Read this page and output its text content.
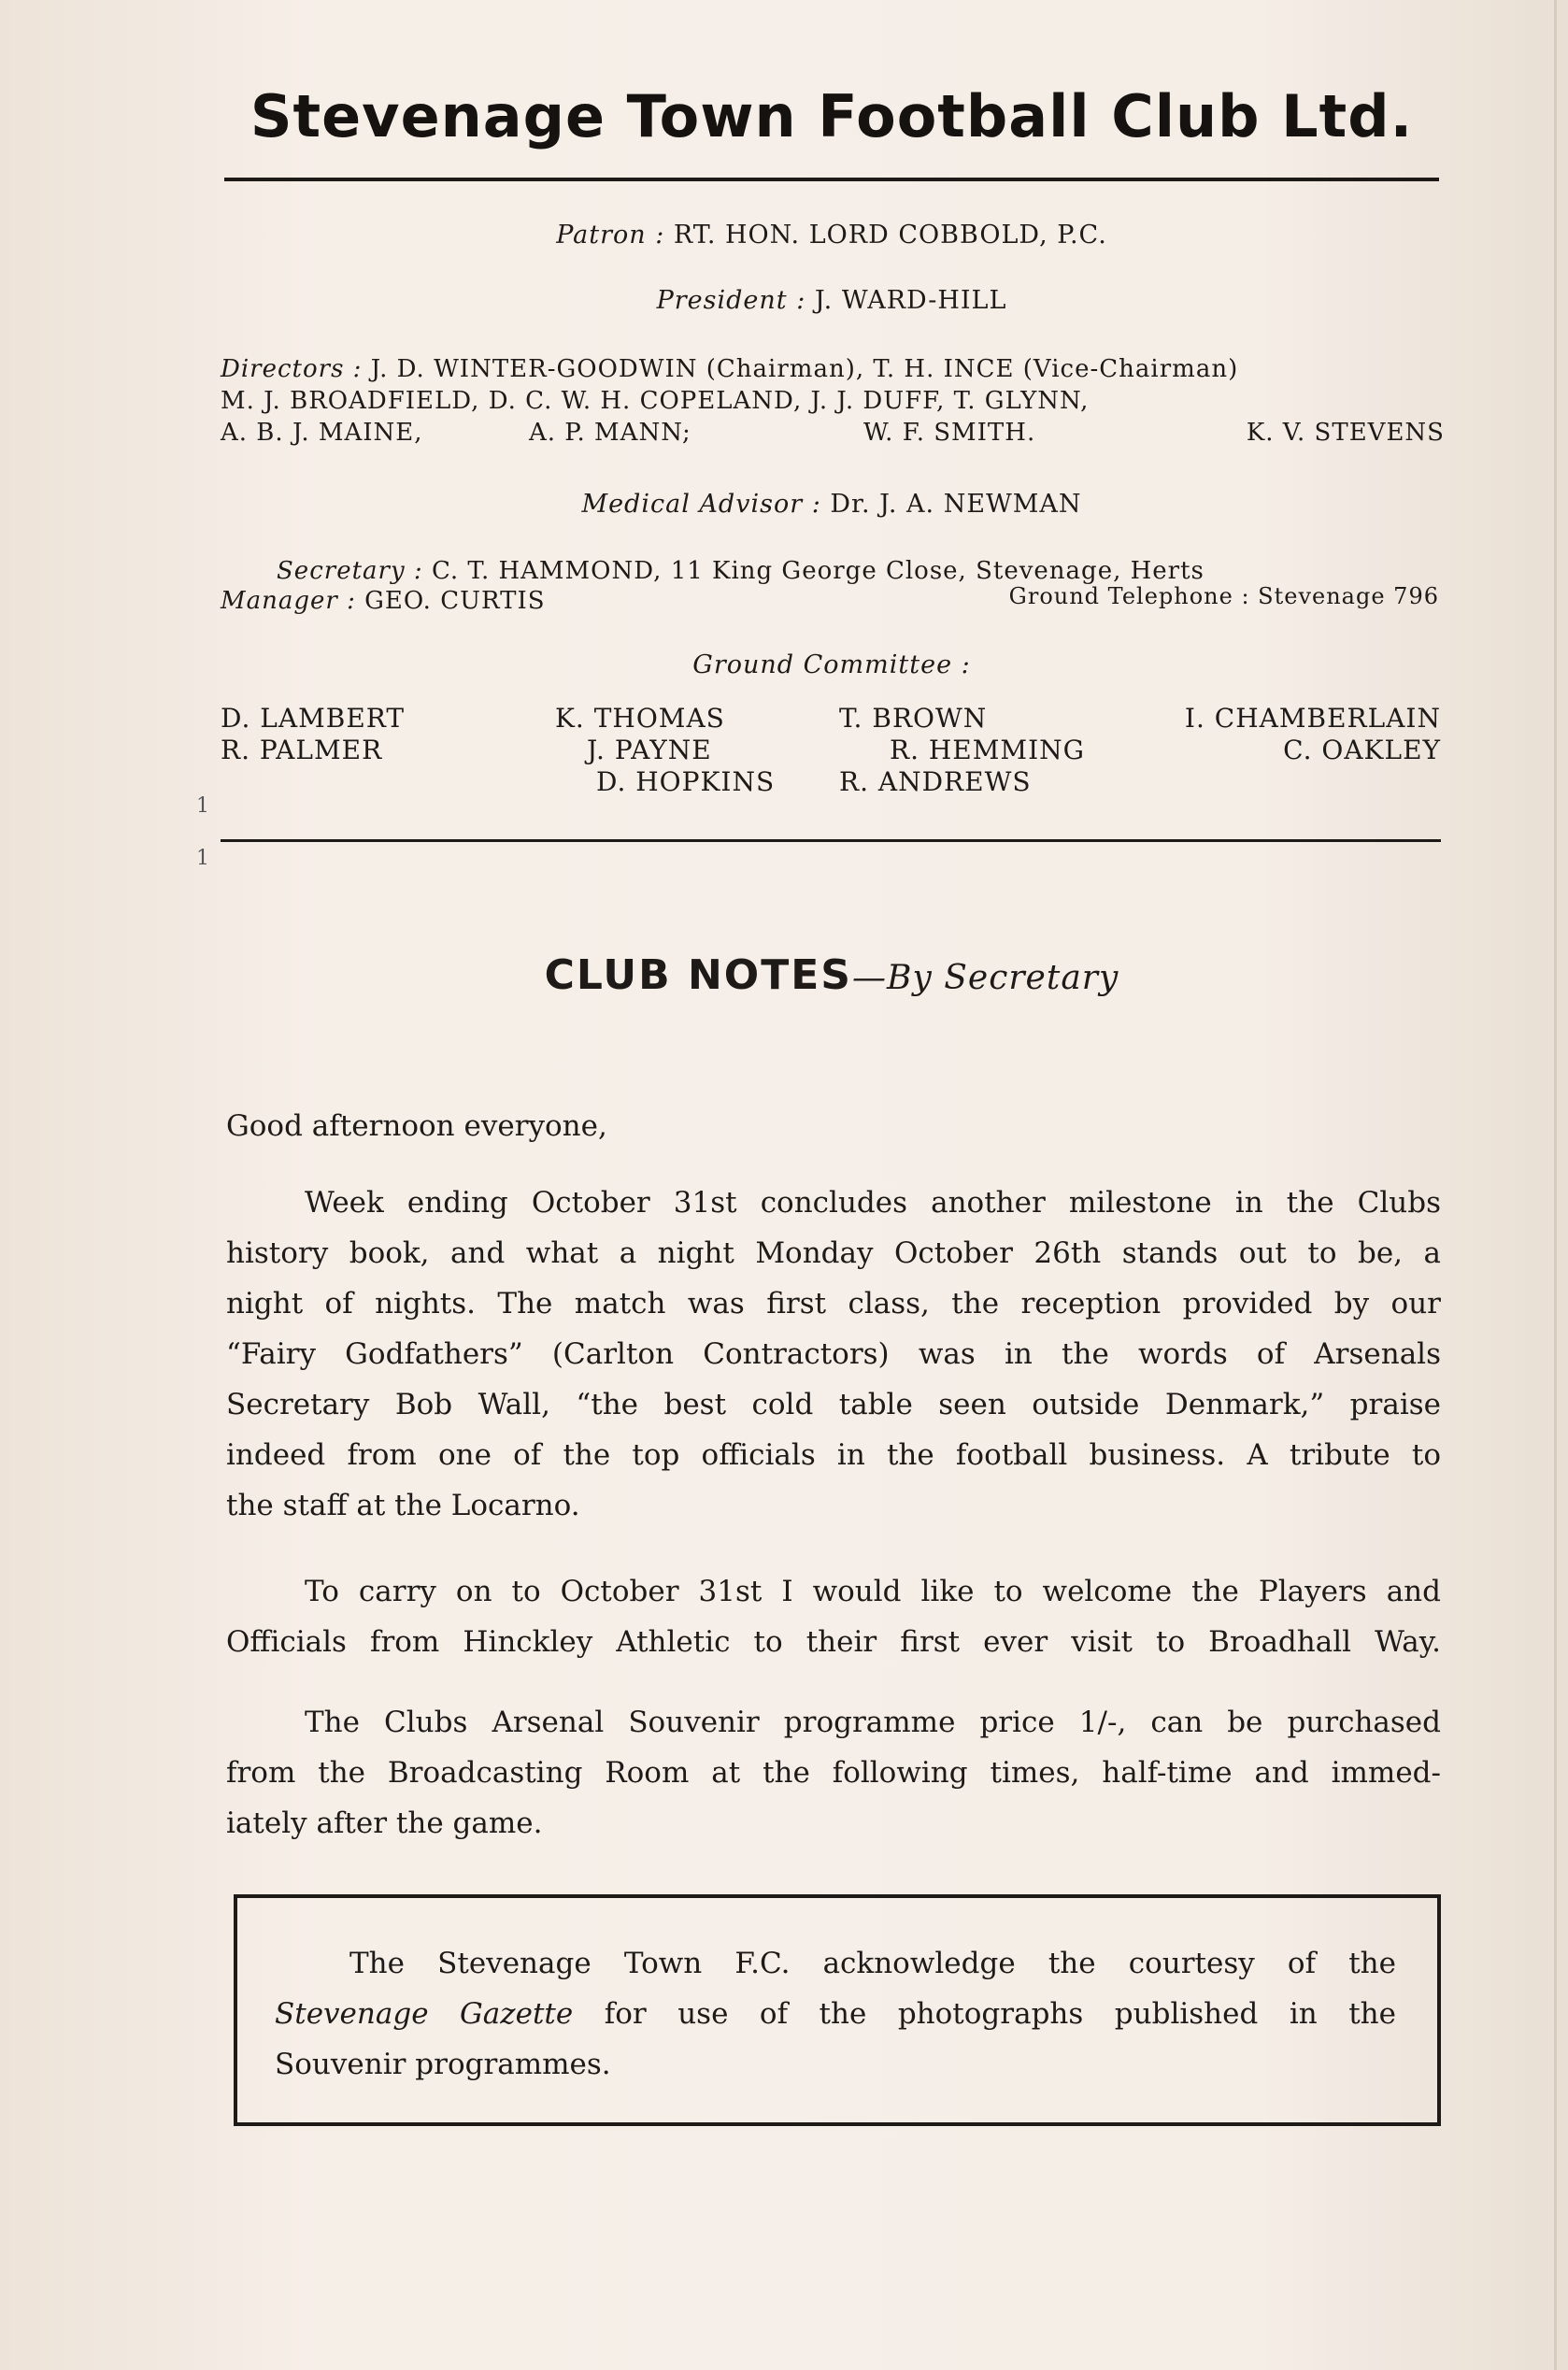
Stevenage Town Football Club Ltd.
Patron : RT. HON. LORD COBBOLD, P.C.
President : J. WARD-HILL
Directors : J. D. WINTER-GOODWIN (Chairman), T. H. INCE (Vice-Chairman)
M. J. BROADFIELD, D. C. W. H. COPELAND, J. J. DUFF, T. GLYNN,
A. B. J. MAINE,	A. P. MANN;	W. F. SMITH.	K. V. STEVENS
Medical Advisor : Dr. J. A. NEWMAN
Secretary : C. T. HAMMOND, 11 King George Close, Stevenage, Herts
Manager : GEO. CURTIS	Ground Telephone : Stevenage 796
Ground Committee :
D. LAMBERT	K. THOMAS	T. BROWN	I. CHAMBERLAIN
R. PALMER	J. PAYNE	R. HEMMING	C. OAKLEY
D. HOPKINS R. ANDREWS
1
1
CLUB NOTES—By Secretary
Good afternoon everyone,
Week ending October 31st concludes another milestone in the Clubs
history book, and what a night Monday October 26th stands out to be, a
night of nights. The match was first class, the reception provided by our
“Fairy Godfathers” (Carlton Contractors) was in the words of Arsenals
Secretary Bob Wall, “the best cold table seen outside Denmark,” praise
indeed from one of the top officials in the football business. A tribute to
the staff at the Locarno.
To carry on to October 31st I would like to welcome the Players and
Officials from Hinckley Athletic to their first ever visit to Broadhall Way.
The Clubs Arsenal Souvenir programme price 1/-, can be purchased
from the Broadcasting Room at the following times, half-time and immed-
iately after the game.
The Stevenage Town F.C. acknowledge the courtesy of the
Stevenage Gazette for use of the photographs published in the
Souvenir programmes.
